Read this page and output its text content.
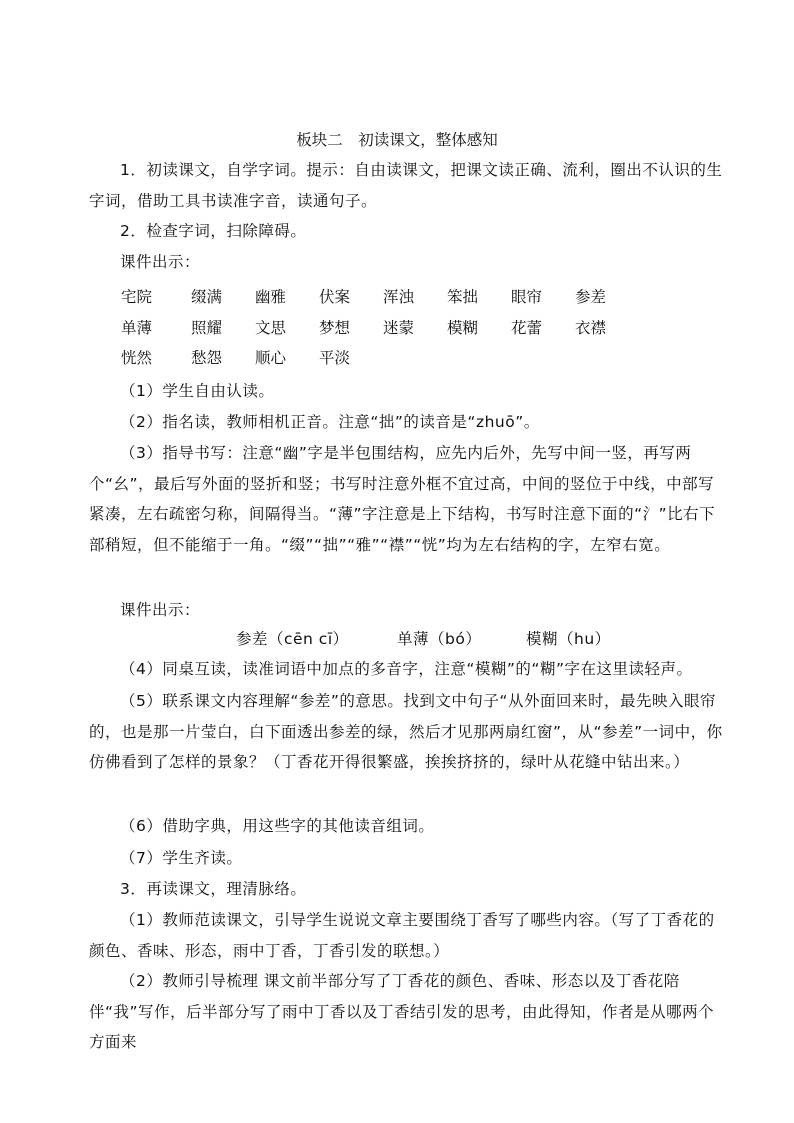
板块二　初读课文，整体感知
1．初读课文，自学字词。提示：自由读课文，把课文读正确、流利，圈出不认识的生字词，借助工具书读准字音，读通句子。
2．检查字词，扫除障碍。
课件出示：
宅院	缀满 幽雅 伏案 浑浊 笨拙 眼帘 参差
单薄	照耀 文思 梦想 迷蒙 模糊 花蕾 衣襟
恍然	愁怨 顺心 平淡
（1）学生自由认读。
（2）指名读，教师相机正音。注意“拙”的读音是“zhuō”。
（3）指导书写：注意“幽”字是半包围结构，应先内后外，先写中间一竖，再写两个“幺”，最后写外面的竖折和竖；书写时注意外框不宜过高，中间的竖位于中线，中部写紧凑，左右疏密匀称，间隔得当。“薄”字注意是上下结构，书写时注意下面的“氵”比右下部稍短，但不能缩于一角。“缀”“拙”“雅”“襟”“恍”均为左右结构的字，左窄右宽。
课件出示：
参差（cēn cī）	单薄（bó）	模糊（hu）
（4）同桌互读，读准词语中加点的多音字，注意“模糊”的“糊”字在这里读轻声。
（5）联系课文内容理解“参差”的意思。找到文中句子“从外面回来时，最先映入眼帘的，也是那一片莹白，白下面透出参差的绿，然后才见那两扇红窗”，从“参差”一词中，你仿佛看到了怎样的景象？（丁香花开得很繁盛，挨挨挤挤的，绿叶从花缝中钻出来。）
（6）借助字典，用这些字的其他读音组词。
（7）学生齐读。
3．再读课文，理清脉络。
（1）教师范读课文，引导学生说说文章主要围绕丁香写了哪些内容。（写了丁香花的颜色、香味、形态，雨中丁香，丁香引发的联想。）
（2）教师引导梳理 课文前半部分写了丁香花的颜色、香味、形态以及丁香花陪伴“我”写作，后半部分写了雨中丁香以及丁香结引发的思考，由此得知，作者是从哪两个方面来
